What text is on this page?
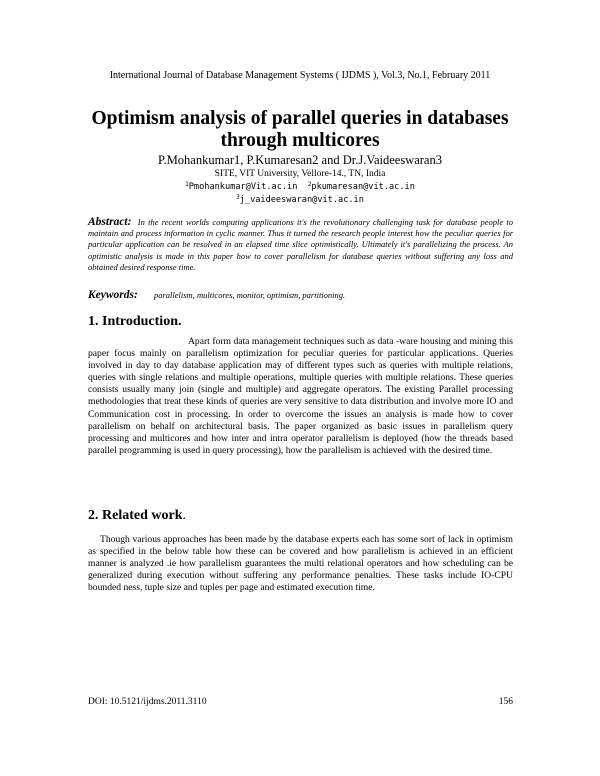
International Journal of Database Management Systems ( IJDMS ), Vol.3, No.1, February 2011
Optimism analysis of parallel queries in databases through multicores
P.Mohankumar1, P.Kumaresan2 and Dr.J.Vaideeswaran3
SITE, VIT University, Vellore-14., TN, India
$^1$Pmohankumar@Vit.ac.in $^2$pkumaresan@vit.ac.in
$^3$j_vaideeswaran@vit.ac.in
Abstract: In the recent worlds computing applications it's the revolutionary challenging task for database people to maintain and process information in cyclic manner. Thus it turned the research people interest how the peculiar queries for particular application can be resolved in an elapsed time slice optimistically. Ultimately it's parallelizing the process. An optimistic analysis is made in this paper how to cover parallelism for database queries without suffering any loss and obtained desired response time.
Keywords: parallelism, multicores, monitor, optimism, partitioning.
1. Introduction.
Apart form data management techniques such as data -ware housing and mining this paper focus mainly on parallelism optimization for peculiar queries for particular applications. Queries involved in day to day database application may of different types such as queries with multiple relations, queries with single relations and multiple operations, multiple queries with multiple relations. These queries consists usually many join (single and multiple) and aggregate operators. The existing Parallel processing methodologies that treat these kinds of queries are very sensitive to data distribution and involve more IO and Communication cost in processing. In order to overcome the issues an analysis is made how to cover parallelism on behalf on architectural basis. The paper organized as basic issues in parallelism query processing and multicores and how inter and intra operator parallelism is deployed (how the threads based parallel programming is used in query processing), how the parallelism is achieved with the desired time.
2. Related work.
Though various approaches has been made by the database experts each has some sort of lack in optimism as specified in the below table how these can be covered and how parallelism is achieved in an efficient manner is analyzed .ie how parallelism guarantees the multi relational operators and how scheduling can be generalized during execution without suffering any performance penalties. These tasks include IO-CPU bounded ness, tuple size and tuples per page and estimated execution time.
DOI: 10.5121/ijdms.2011.3110	156
